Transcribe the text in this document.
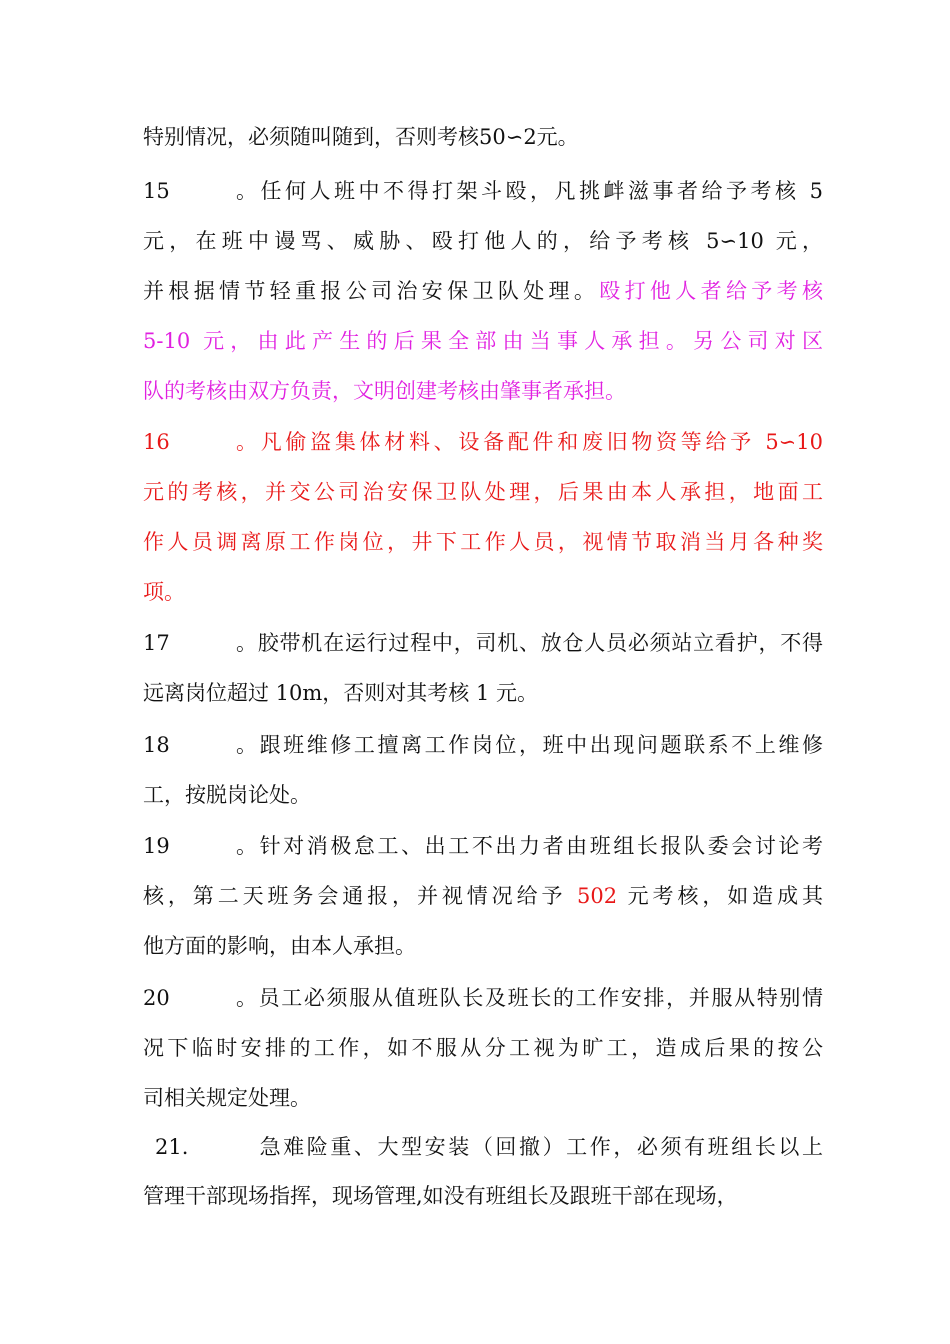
特别情况，必须随叫随到，否则考核50∽2元。
15。任何人班中不得打架斗殴，凡挑衅滋事者给予考核 5
元，在班中谩骂、威胁、殴打他人的，给予考核 5∽10 元，
并根据情节轻重报公司治安保卫队处理。殴打他人者给予考核
5-10 元，由此产生的后果全部由当事人承担。另公司对区
队的考核由双方负责，文明创建考核由肇事者承担。
16。凡偷盗集体材料、设备配件和废旧物资等给予 5∽10
元的考核，并交公司治安保卫队处理，后果由本人承担，地面工
作人员调离原工作岗位，井下工作人员，视情节取消当月各种奖
项。
17。胶带机在运行过程中，司机、放仓人员必须站立看护，不得
远离岗位超过 10m，否则对其考核 1 元。
18。跟班维修工擅离工作岗位，班中出现问题联系不上维修
工，按脱岗论处。
19。针对消极怠工、出工不出力者由班组长报队委会讨论考
核，第二天班务会通报，并视情况给予 502 元考核，如造成其
他方面的影响，由本人承担。
20。员工必须服从值班队长及班长的工作安排，并服从特别情
况下临时安排的工作，如不服从分工视为旷工，造成后果的按公
司相关规定处理。
21.	急难险重、大型安装（回撤）工作，必须有班组长以上
管理干部现场指挥，现场管理,如没有班组长及跟班干部在现场，
